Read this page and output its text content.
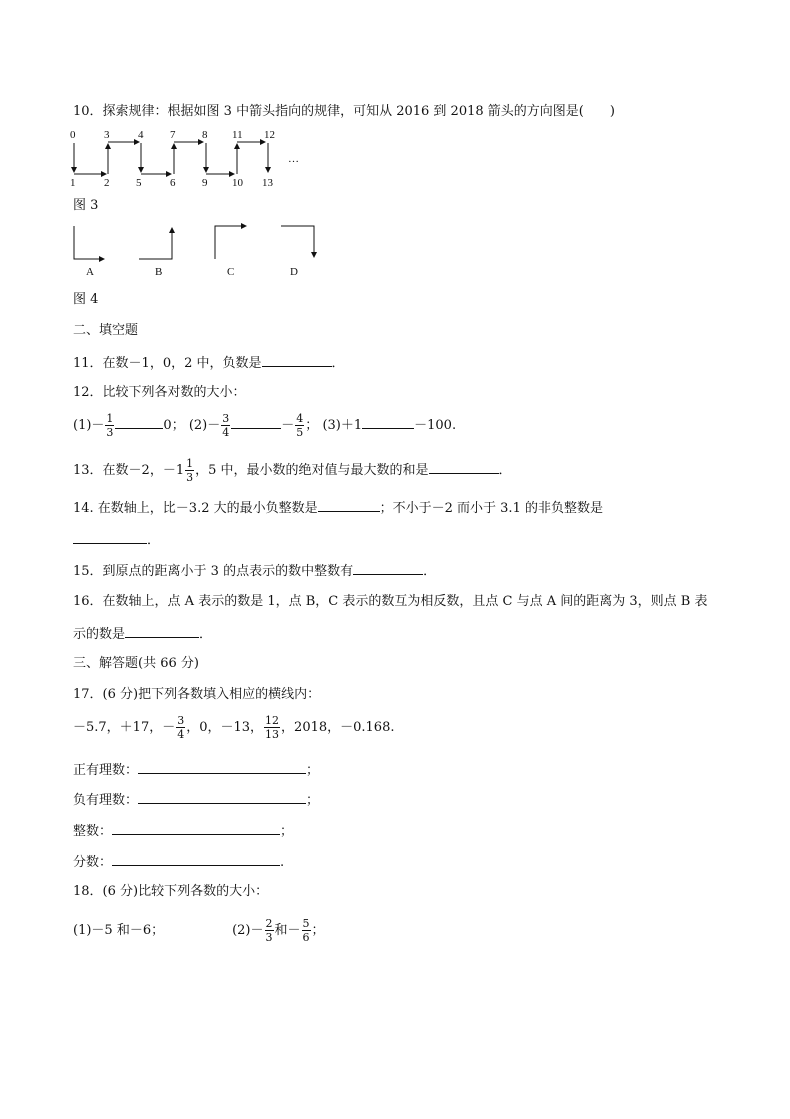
10．探索规律：根据如图 3 中箭头指向的规律，可知从 2016 到 2018 箭头的方向图是(　　)
0	3	4 7 8 11 12
1	2 5	6 9 10 13
…
图 3
A	B	C	D
图 4
二、填空题
11．在数－1，0，2 中，负数是	．
12．比较下列各对数的大小：
$(1)- \frac{1}{3}$	0； $(2)- \frac{3}{4}$	－ $\frac{4}{5}$ ； (3)＋1	－100.
13．在数－2，$-1 \frac{1}{3}$ ，5 中，最小数的绝对值与最大数的和是	．
14. 在数轴上，比－3.2 大的最小负整数是	；不小于－2 而小于 3.1 的非负整数是
．
15．到原点的距离小于 3 的点表示的数中整数有	．
16．在数轴上，点 A 表示的数是 1，点 B，C 表示的数互为相反数，且点 C 与点 A 间的距离为 3，则点 B 表
示的数是	．
三、解答题(共 66 分)
17．(6 分)把下列各数填入相应的横线内：
－5.7，＋17，－ $\frac{3}{4}$ ，0，－13， $\frac{12}{13}$ ，2018，－0.168.
正有理数：	；
负有理数：	；
整数：	；
分数：	.
18．(6 分)比较下列各数的大小：
(1)－5 和－6；	$(2)- \frac{2}{3}$ 和－ $\frac{5}{6}$ ；
